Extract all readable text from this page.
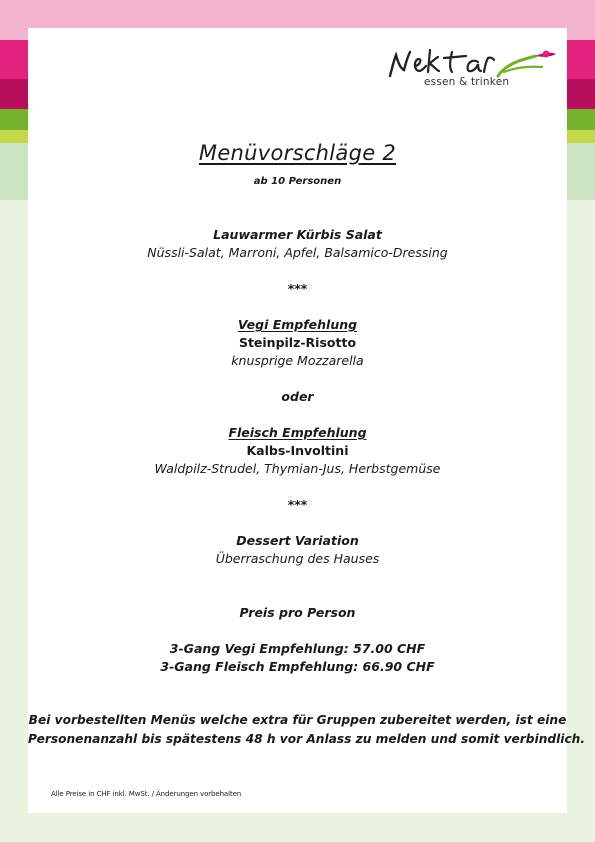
essen & trinken
Menüvorschläge 2
ab 10 Personen
Lauwarmer Kürbis Salat
Nüssli-Salat, Marroni, Apfel, Balsamico-Dressing
***
Vegi Empfehlung
Steinpilz-Risotto
knusprige Mozzarella
oder
Fleisch Empfehlung
Kalbs-Involtini
Waldpilz-Strudel, Thymian-Jus, Herbstgemüse
***
Dessert Variation
Überraschung des Hauses
Preis pro Person
3-Gang Vegi Empfehlung: 57.00 CHF
3-Gang Fleisch Empfehlung: 66.90 CHF
Bei vorbestellten Menüs welche extra für Gruppen zubereitet werden, ist eine
Personenanzahl bis spätestens 48 h vor Anlass zu melden und somit verbindlich.
Alle Preise in CHF inkl. MwSt. / Änderungen vorbehalten
